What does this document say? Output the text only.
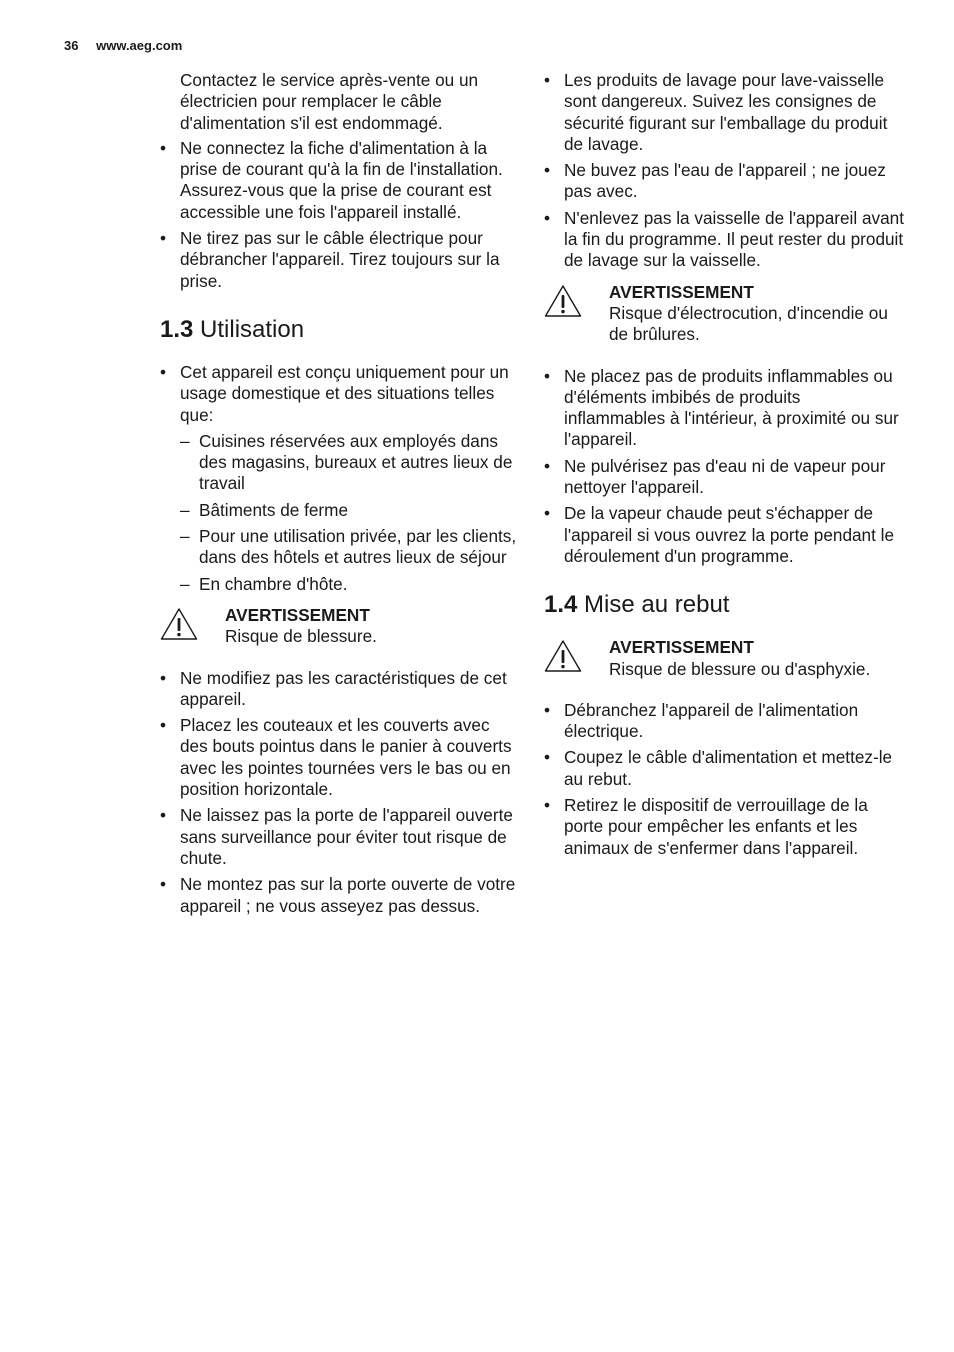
36 www.aeg.com

Contactez le service après-vente ou un électricien pour remplacer le câble d'alimentation s'il est endommagé.

• Ne connectez la fiche d'alimentation à la prise de courant qu'à la fin de l'installation. Assurez-vous que la prise de courant est accessible une fois l'appareil installé.
• Ne tirez pas sur le câble électrique pour débrancher l'appareil. Tirez toujours sur la prise.
1.3 Utilisation
• Cet appareil est conçu uniquement pour un usage domestique et des situations telles que:
– Cuisines réservées aux employés dans des magasins, bureaux et autres lieux de travail
– Bâtiments de ferme
– Pour une utilisation privée, par les clients, dans des hôtels et autres lieux de séjour
– En chambre d'hôte.
AVERTISSEMENT
Risque de blessure.
• Ne modifiez pas les caractéristiques de cet appareil.
• Placez les couteaux et les couverts avec des bouts pointus dans le panier à couverts avec les pointes tournées vers le bas ou en position horizontale.
• Ne laissez pas la porte de l'appareil ouverte sans surveillance pour éviter tout risque de chute.
• Ne montez pas sur la porte ouverte de votre appareil ; ne vous asseyez pas dessus.
• Les produits de lavage pour lave-vaisselle sont dangereux. Suivez les consignes de sécurité figurant sur l'emballage du produit de lavage.
• Ne buvez pas l'eau de l'appareil ; ne jouez pas avec.
• N'enlevez pas la vaisselle de l'appareil avant la fin du programme. Il peut rester du produit de lavage sur la vaisselle.
AVERTISSEMENT
Risque d'électrocution, d'incendie ou de brûlures.
• Ne placez pas de produits inflammables ou d'éléments imbibés de produits inflammables à l'intérieur, à proximité ou sur l'appareil.
• Ne pulvérisez pas d'eau ni de vapeur pour nettoyer l'appareil.
• De la vapeur chaude peut s'échapper de l'appareil si vous ouvrez la porte pendant le déroulement d'un programme.
1.4 Mise au rebut
AVERTISSEMENT
Risque de blessure ou d'asphyxie.
• Débranchez l'appareil de l'alimentation électrique.
• Coupez le câble d'alimentation et mettez-le au rebut.
• Retirez le dispositif de verrouillage de la porte pour empêcher les enfants et les animaux de s'enfermer dans l'appareil.
